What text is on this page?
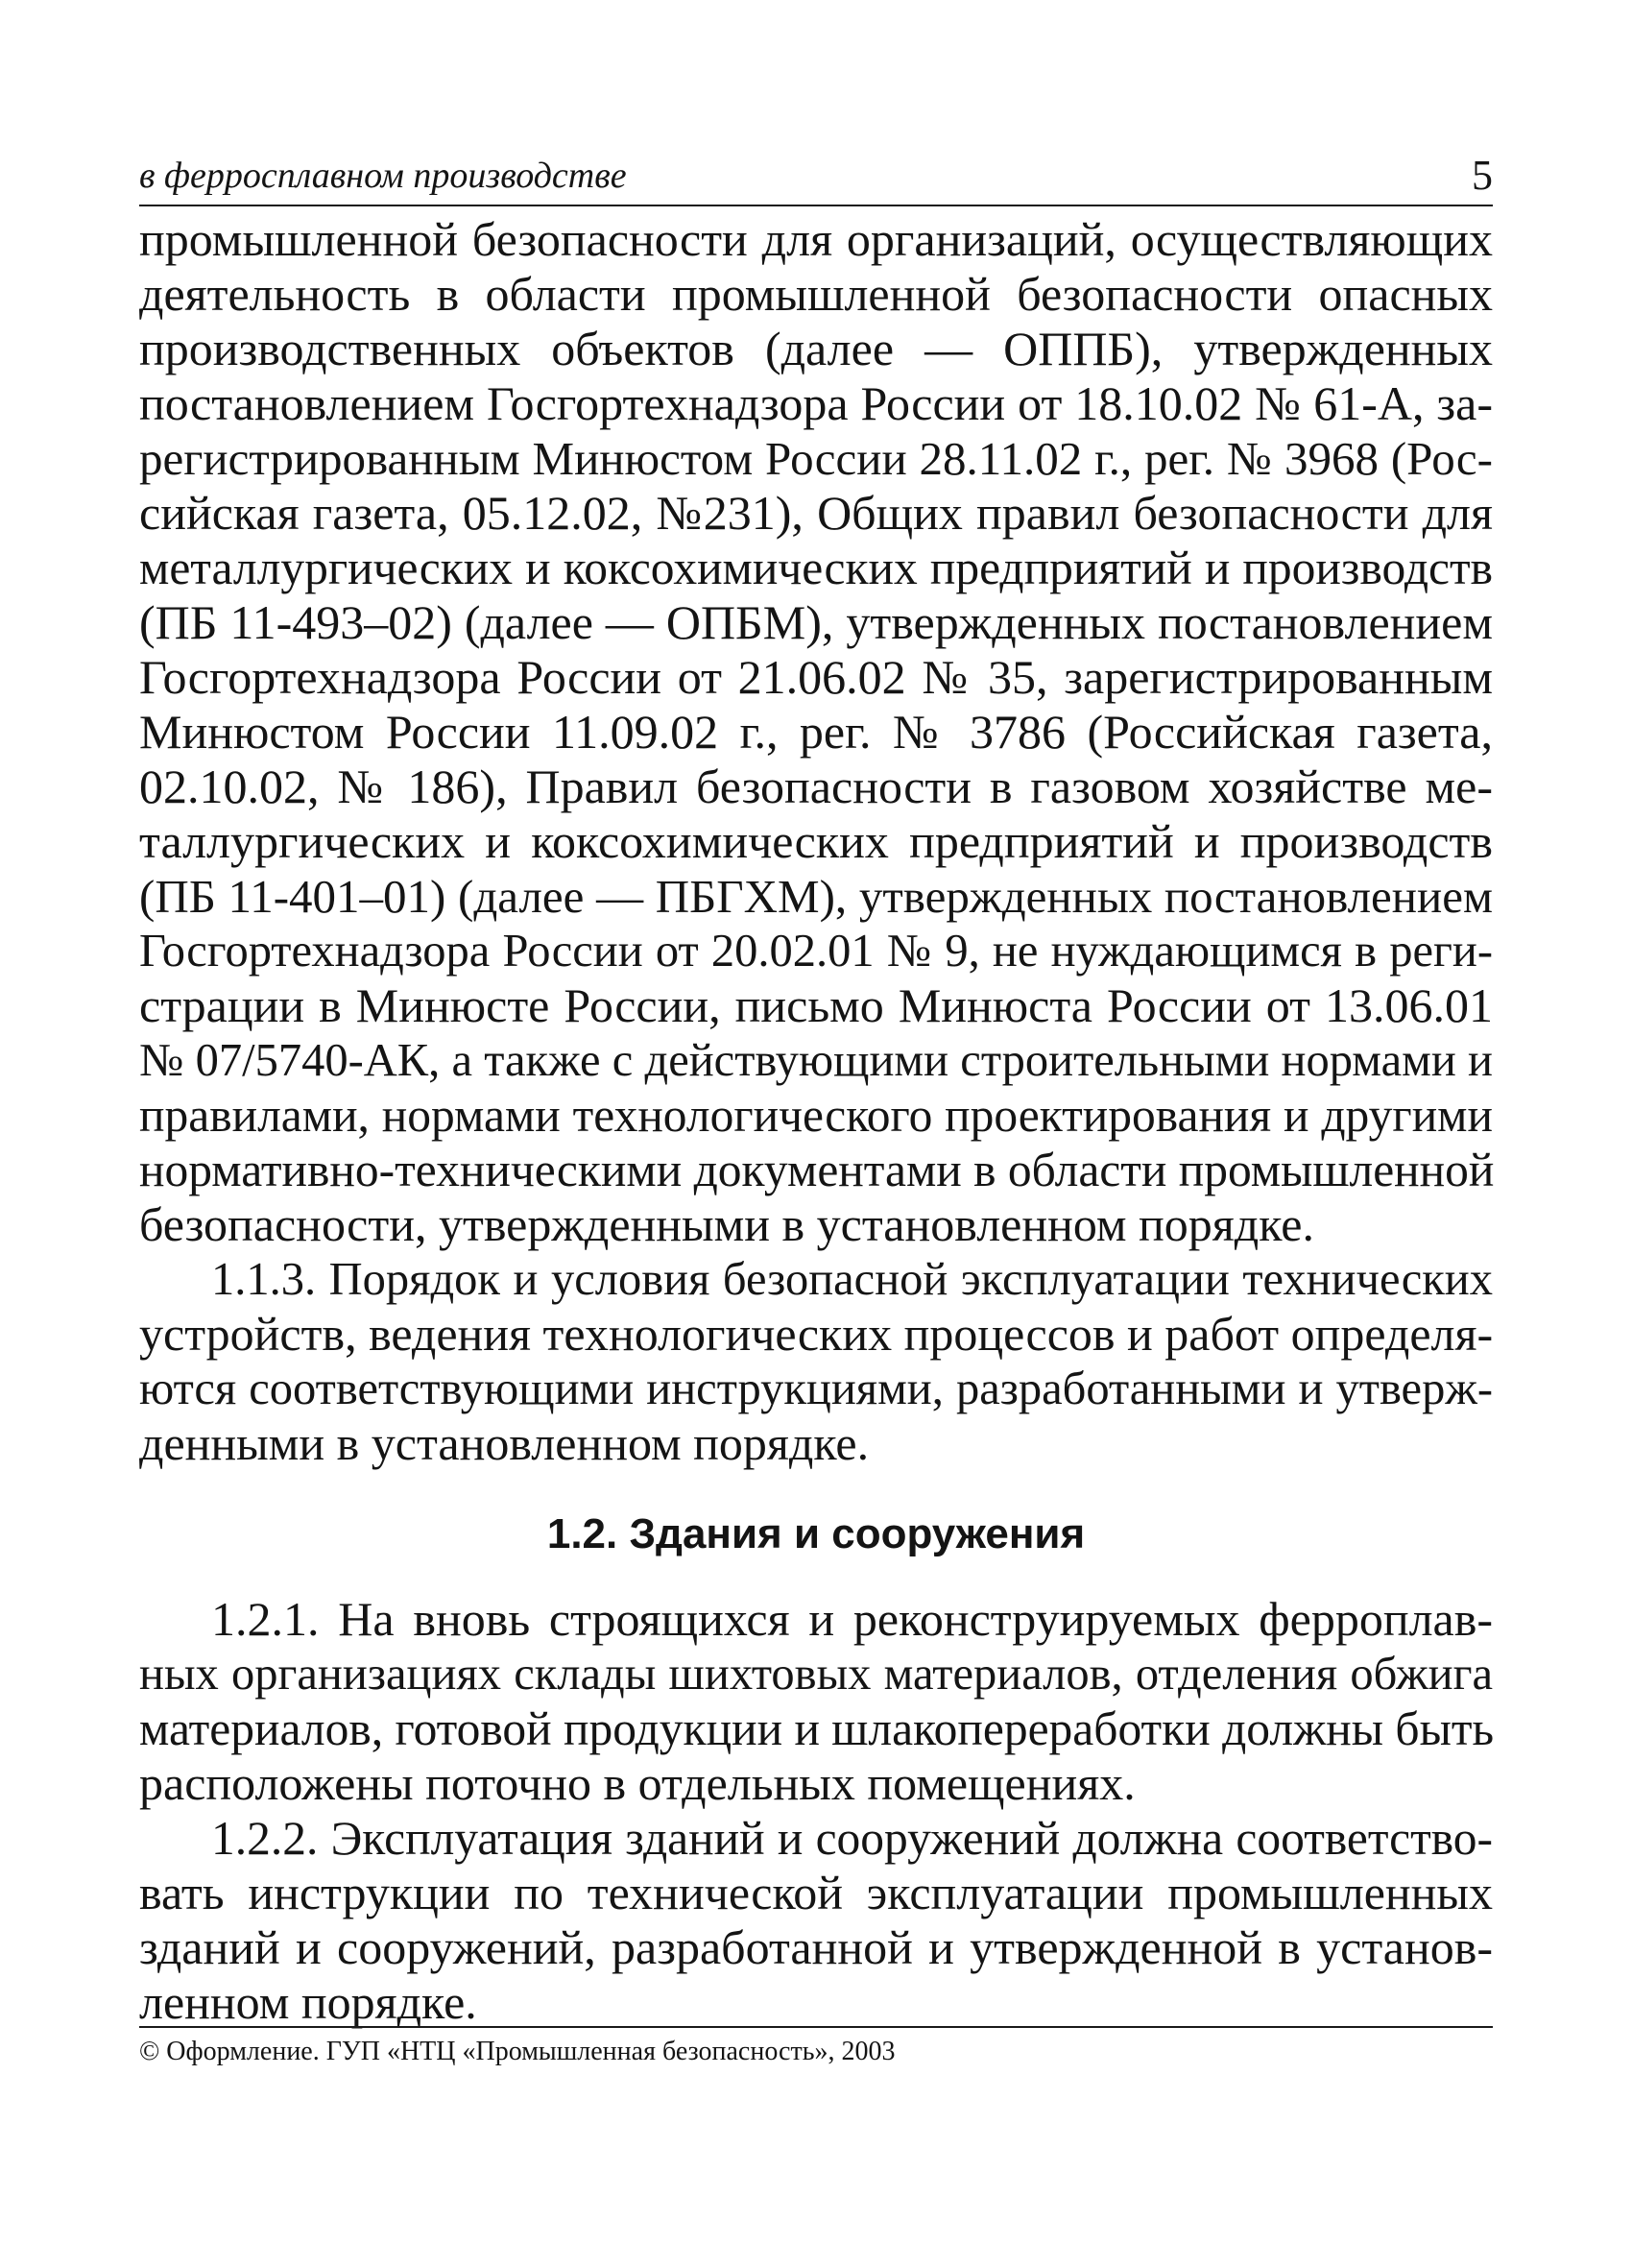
в ферросплавном производстве	5
промышленной безопасности для организаций, осуществляющих
деятельность в области промышленной безопасности опасных
производственных объектов (далее — ОППБ), утвержденных
постановлением Госгортехнадзора России от 18.10.02 № 61-А, за-
регистрированным Минюстом России 28.11.02 г., рег. № 3968 (Рос-
сийская газета, 05.12.02, №231), Общих правил безопасности для
металлургических и коксохимических предприятий и производств
(ПБ 11-493–02) (далее — ОПБМ), утвержденных постановлением
Госгортехнадзора России от 21.06.02 № 35, зарегистрированным
Минюстом России 11.09.02 г., рег. № 3786 (Российская газета,
02.10.02, № 186), Правил безопасности в газовом хозяйстве ме-
таллургических и коксохимических предприятий и производств
(ПБ 11-401–01) (далее — ПБГХМ), утвержденных постановлением
Госгортехнадзора России от 20.02.01 № 9, не нуждающимся в реги-
страции в Минюсте России, письмо Минюста России от 13.06.01
№ 07/5740-АК, а также с действующими строительными нормами и
правилами, нормами технологического проектирования и другими
нормативно-техническими документами в области промышленной
безопасности, утвержденными в установленном порядке.
1.1.3. Порядок и условия безопасной эксплуатации технических
устройств, ведения технологических процессов и работ определя-
ются соответствующими инструкциями, разработанными и утверж-
денными в установленном порядке.
1.2. Здания и сооружения
1.2.1. На вновь строящихся и реконструируемых ферроплав-
ных организациях склады шихтовых материалов, отделения обжига
материалов, готовой продукции и шлакопереработки должны быть
расположены поточно в отдельных помещениях.
1.2.2. Эксплуатация зданий и сооружений должна соответство-
вать инструкции по технической эксплуатации промышленных
зданий и сооружений, разработанной и утвержденной в установ-
ленном порядке.
© Оформление. ГУП «НТЦ «Промышленная безопасность», 2003
